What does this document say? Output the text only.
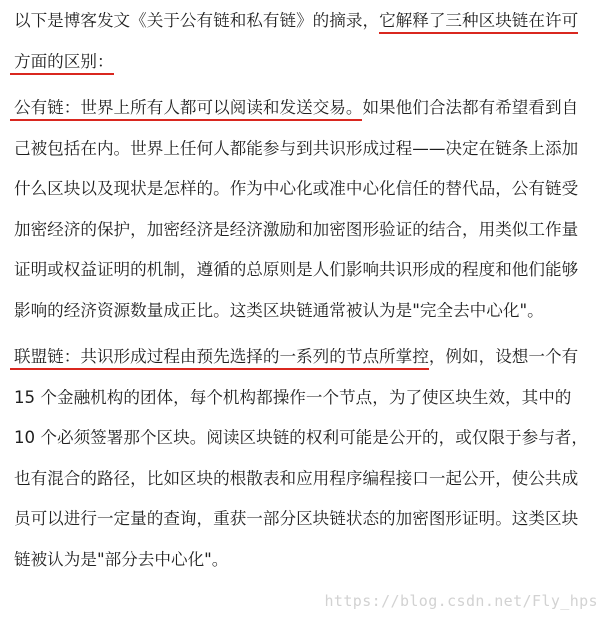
以下是博客发文《关于公有链和私有链》的摘录，它解释了三种区块链在许可
方面的区别：
公有链：世界上所有人都可以阅读和发送交易。如果他们合法都有希望看到自
己被包括在内。世界上任何人都能参与到共识形成过程——决定在链条上添加
什么区块以及现状是怎样的。作为中心化或准中心化信任的替代品，公有链受
加密经济的保护，加密经济是经济激励和加密图形验证的结合，用类似工作量
证明或权益证明的机制，遵循的总原则是人们影响共识形成的程度和他们能够
影响的经济资源数量成正比。这类区块链通常被认为是"完全去中心化"。
联盟链：共识形成过程由预先选择的一系列的节点所掌控，例如，设想一个有
15 个金融机构的团体，每个机构都操作一个节点，为了使区块生效，其中的
10 个必须签署那个区块。阅读区块链的权利可能是公开的，或仅限于参与者，
也有混合的路径，比如区块的根散表和应用程序编程接口一起公开，使公共成
员可以进行一定量的查询，重获一部分区块链状态的加密图形证明。这类区块
链被认为是"部分去中心化"。
https://blog.csdn.net/Fly_hps
